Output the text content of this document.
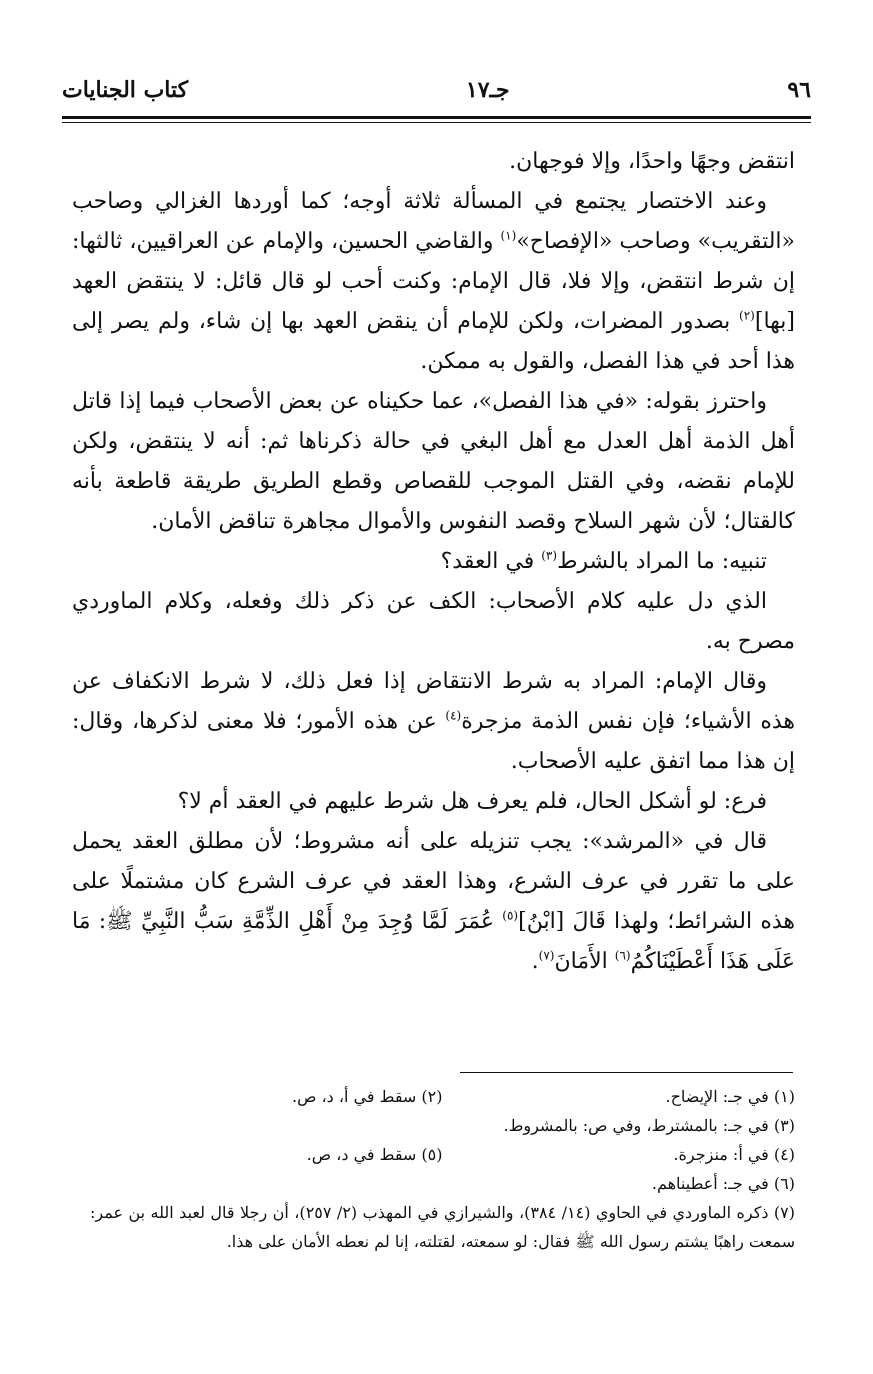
٩٦
جـ١٧
كتاب الجنايات

انتقض وجهًا واحدًا، وإلا فوجهان.

وعند الاختصار يجتمع في المسألة ثلاثة أوجه؛ كما أوردها الغزالي وصاحب «التقريب» وصاحب «الإفصاح»$^{(١)}$ والقاضي الحسين، والإمام عن العراقيين، ثالثها: إن شرط انتقض، وإلا فلا، قال الإمام: وكنت أحب لو قال قائل: لا ينتقض العهد [بها]$^{(٢)}$ بصدور المضرات، ولكن للإمام أن ينقض العهد بها إن شاء، ولم يصر إلى هذا أحد في هذا الفصل، والقول به ممكن.

واحترز بقوله: «في هذا الفصل»، عما حكيناه عن بعض الأصحاب فيما إذا قاتل أهل الذمة أهل العدل مع أهل البغي في حالة ذكرناها ثم: أنه لا ينتقض، ولكن للإمام نقضه، وفي القتل الموجب للقصاص وقطع الطريق طريقة قاطعة بأنه كالقتال؛ لأن شهر السلاح وقصد النفوس والأموال مجاهرة تناقض الأمان.

تنبيه: ما المراد بالشرط$^{(٣)}$ في العقد؟

الذي دل عليه كلام الأصحاب: الكف عن ذكر ذلك وفعله، وكلام الماوردي مصرح به.

وقال الإمام: المراد به شرط الانتقاض إذا فعل ذلك، لا شرط الانكفاف عن هذه الأشياء؛ فإن نفس الذمة مزجرة$^{(٤)}$ عن هذه الأمور؛ فلا معنى لذكرها، وقال: إن هذا مما اتفق عليه الأصحاب.

فرع: لو أشكل الحال، فلم يعرف هل شرط عليهم في العقد أم لا؟

قال في «المرشد»: يجب تنزيله على أنه مشروط؛ لأن مطلق العقد يحمل على ما تقرر في عرف الشرع، وهذا العقد في عرف الشرع كان مشتملًا على هذه الشرائط؛ ولهذا قَالَ [ابْنُ]$^{(٥)}$ عُمَرَ لَمَّا وُجِدَ مِنْ أَهْلِ الذِّمَّةِ سَبُّ النَّبِيِّ ﷺ: مَا عَلَى هَذَا أَعْطَيْنَاكُمُ$^{(٦)}$ الأَمَانَ$^{(٧)}$.

(١) في جـ: الإيضاح.
(٢) سقط في أ، د، ص.
(٣) في جـ: بالمشترط، وفي ص: بالمشروط.
(٤) في أ: منزجرة.
(٥) سقط في د، ص.
(٦) في جـ: أعطيناهم.
(٧) ذكره الماوردي في الحاوي (١٤/ ٣٨٤)، والشيرازي في المهذب (٢/ ٢٥٧)، أن رجلا قال لعبد الله بن عمر: سمعت راهبًا يشتم رسول الله ﷺ فقال: لو سمعته، لقتلته، إنا لم نعطه الأمان على هذا.
